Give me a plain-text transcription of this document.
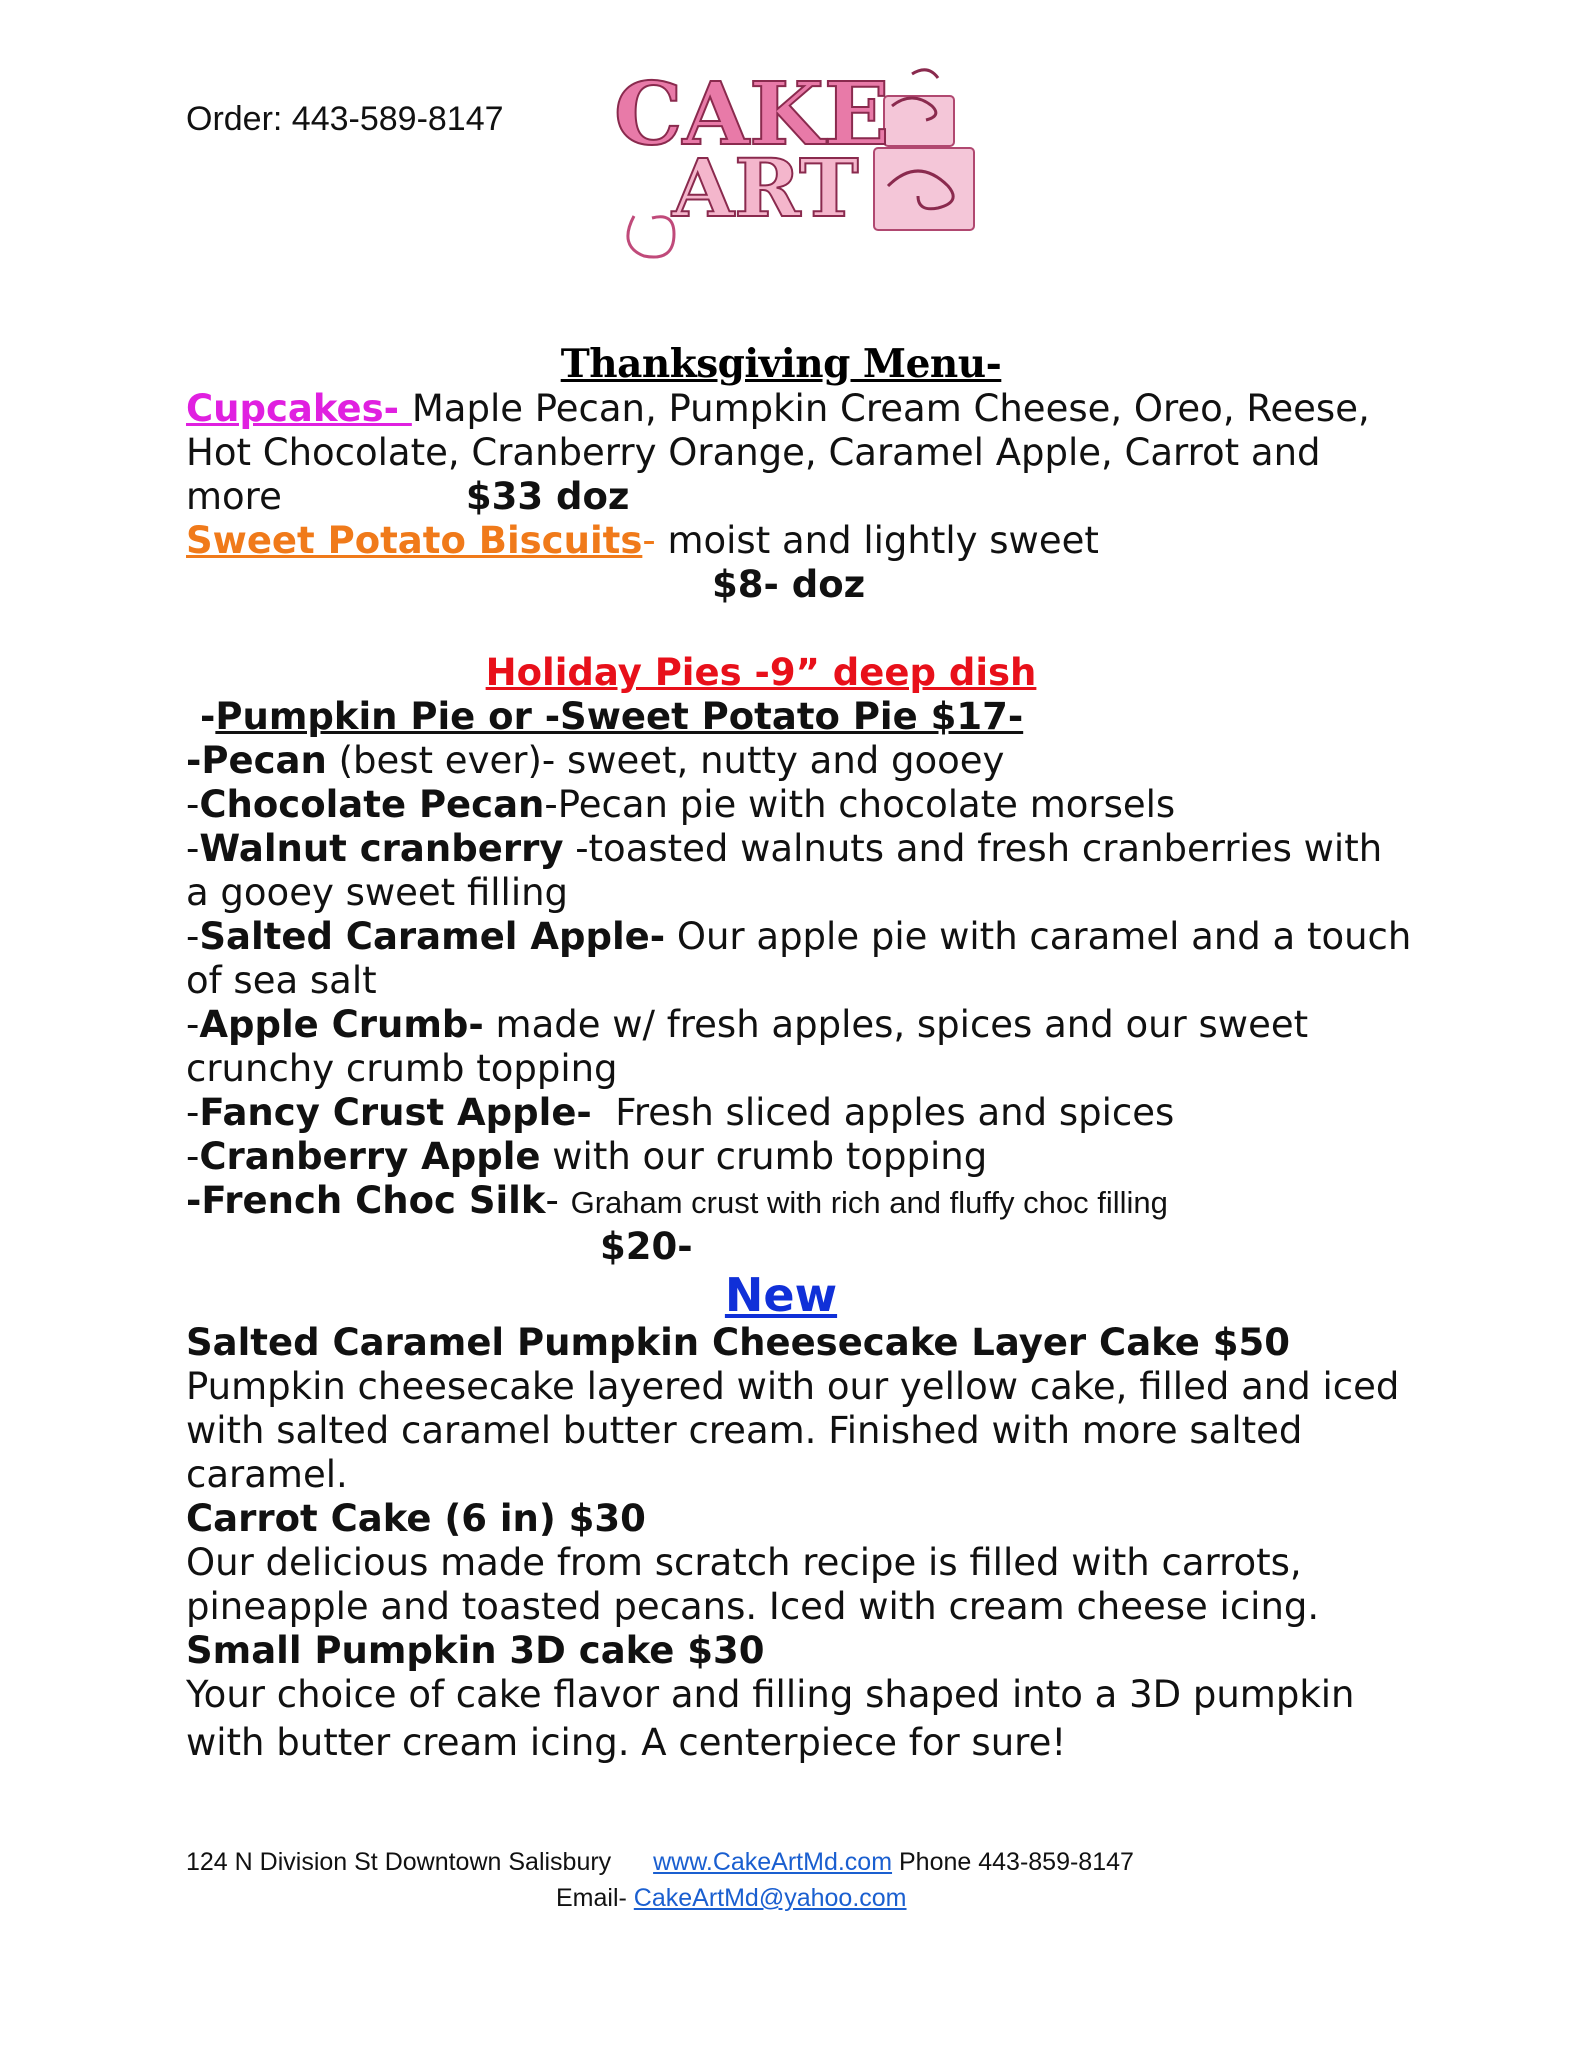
Order: 443-589-8147 CAKE
ART

Thanksgiving Menu-

Cupcakes- Maple Pecan, Pumpkin Cream Cheese, Oreo, Reese,

Hot Chocolate, Cranberry Orange, Caramel Apple, Carrot and

more	$33 doz

Sweet Potato Biscuits- moist and lightly sweet

$8- doz

Holiday Pies -9” deep dish

-Pumpkin Pie or -Sweet Potato Pie $17-

-Pecan (best ever)- sweet, nutty and gooey

-Chocolate Pecan-Pecan pie with chocolate morsels

-Walnut cranberry -toasted walnuts and fresh cranberries with

a gooey sweet filling

-Salted Caramel Apple- Our apple pie with caramel and a touch

of sea salt

-Apple Crumb- made w/ fresh apples, spices and our sweet

crunchy crumb topping

-Fancy Crust Apple-  Fresh sliced apples and spices

-Cranberry Apple with our crumb topping

-French Choc Silk- Graham crust with rich and fluffy choc filling

$20-

New

Salted Caramel Pumpkin Cheesecake Layer Cake $50

Pumpkin cheesecake layered with our yellow cake, filled and iced

with salted caramel butter cream. Finished with more salted

caramel.

Carrot Cake (6 in) $30

Our delicious made from scratch recipe is filled with carrots,

pineapple and toasted pecans. Iced with cream cheese icing.

Small Pumpkin 3D cake $30

Your choice of cake flavor and filling shaped into a 3D pumpkin

with butter cream icing. A centerpiece for sure!

124 N Division St Downtown Salisbury www.CakeArtMd.com Phone 443-859-8147
Email- CakeArtMd@yahoo.com
